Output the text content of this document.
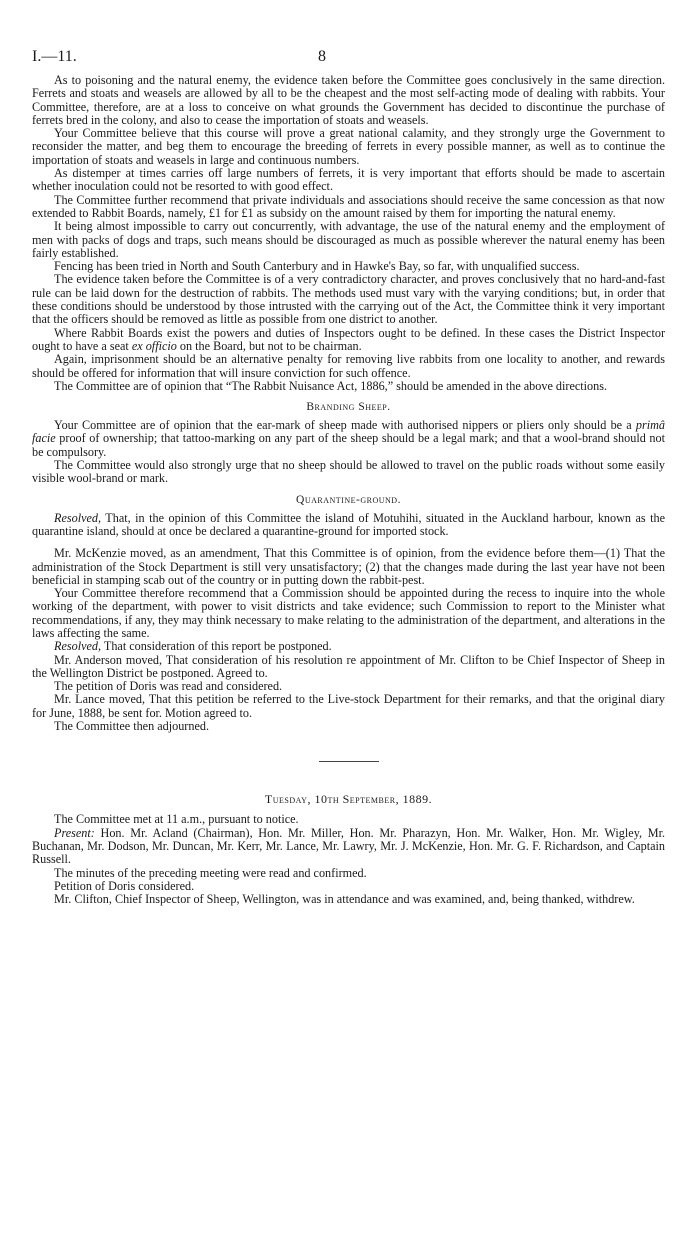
I.—11.	8

As to poisoning and the natural enemy, the evidence taken before the Committee goes conclusively in the same direction. Ferrets and stoats and weasels are allowed by all to be the cheapest and the most self-acting mode of dealing with rabbits. Your Committee, therefore, are at a loss to conceive on what grounds the Government has decided to discontinue the purchase of ferrets bred in the colony, and also to cease the importation of stoats and weasels.

Your Committee believe that this course will prove a great national calamity, and they strongly urge the Government to reconsider the matter, and beg them to encourage the breeding of ferrets in every possible manner, as well as to continue the importation of stoats and weasels in large and continuous numbers.

As distemper at times carries off large numbers of ferrets, it is very important that efforts should be made to ascertain whether inoculation could not be resorted to with good effect.

The Committee further recommend that private individuals and associations should receive the same concession as that now extended to Rabbit Boards, namely, £1 for £1 as subsidy on the amount raised by them for importing the natural enemy.

It being almost impossible to carry out concurrently, with advantage, the use of the natural enemy and the employment of men with packs of dogs and traps, such means should be discouraged as much as possible wherever the natural enemy has been fairly established.

Fencing has been tried in North and South Canterbury and in Hawke's Bay, so far, with unqualified success.

The evidence taken before the Committee is of a very contradictory character, and proves conclusively that no hard-and-fast rule can be laid down for the destruction of rabbits. The methods used must vary with the varying conditions; but, in order that these conditions should be understood by those intrusted with the carrying out of the Act, the Committee think it very important that the officers should be removed as little as possible from one district to another.

Where Rabbit Boards exist the powers and duties of Inspectors ought to be defined. In these cases the District Inspector ought to have a seat ex officio on the Board, but not to be chairman.

Again, imprisonment should be an alternative penalty for removing live rabbits from one locality to another, and rewards should be offered for information that will insure conviction for such offence.

The Committee are of opinion that “The Rabbit Nuisance Act, 1886,” should be amended in the above directions.

Branding Sheep.

Your Committee are of opinion that the ear-mark of sheep made with authorised nippers or pliers only should be a primâ facie proof of ownership; that tattoo-marking on any part of the sheep should be a legal mark; and that a wool-brand should not be compulsory.

The Committee would also strongly urge that no sheep should be allowed to travel on the public roads without some easily visible wool-brand or mark.

Quarantine-ground.

Resolved, That, in the opinion of this Committee the island of Motuhihi, situated in the Auckland harbour, known as the quarantine island, should at once be declared a quarantine-ground for imported stock.

Mr. McKenzie moved, as an amendment, That this Committee is of opinion, from the evidence before them—(1) That the administration of the Stock Department is still very unsatisfactory; (2) that the changes made during the last year have not been beneficial in stamping scab out of the country or in putting down the rabbit-pest.

Your Committee therefore recommend that a Commission should be appointed during the recess to inquire into the whole working of the department, with power to visit districts and take evidence; such Commission to report to the Minister what recommendations, if any, they may think necessary to make relating to the administration of the department, and alterations in the laws affecting the same.

Resolved, That consideration of this report be postponed.

Mr. Anderson moved, That consideration of his resolution re appointment of Mr. Clifton to be Chief Inspector of Sheep in the Wellington District be postponed. Agreed to.

The petition of Doris was read and considered.

Mr. Lance moved, That this petition be referred to the Live-stock Department for their remarks, and that the original diary for June, 1888, be sent for. Motion agreed to.

The Committee then adjourned.

Tuesday, 10th September, 1889.

The Committee met at 11 a.m., pursuant to notice.

Present: Hon. Mr. Acland (Chairman), Hon. Mr. Miller, Hon. Mr. Pharazyn, Hon. Mr. Walker, Hon. Mr. Wigley, Mr. Buchanan, Mr. Dodson, Mr. Duncan, Mr. Kerr, Mr. Lance, Mr. Lawry, Mr. J. McKenzie, Hon. Mr. G. F. Richardson, and Captain Russell.

The minutes of the preceding meeting were read and confirmed.

Petition of Doris considered.

Mr. Clifton, Chief Inspector of Sheep, Wellington, was in attendance and was examined, and, being thanked, withdrew.
